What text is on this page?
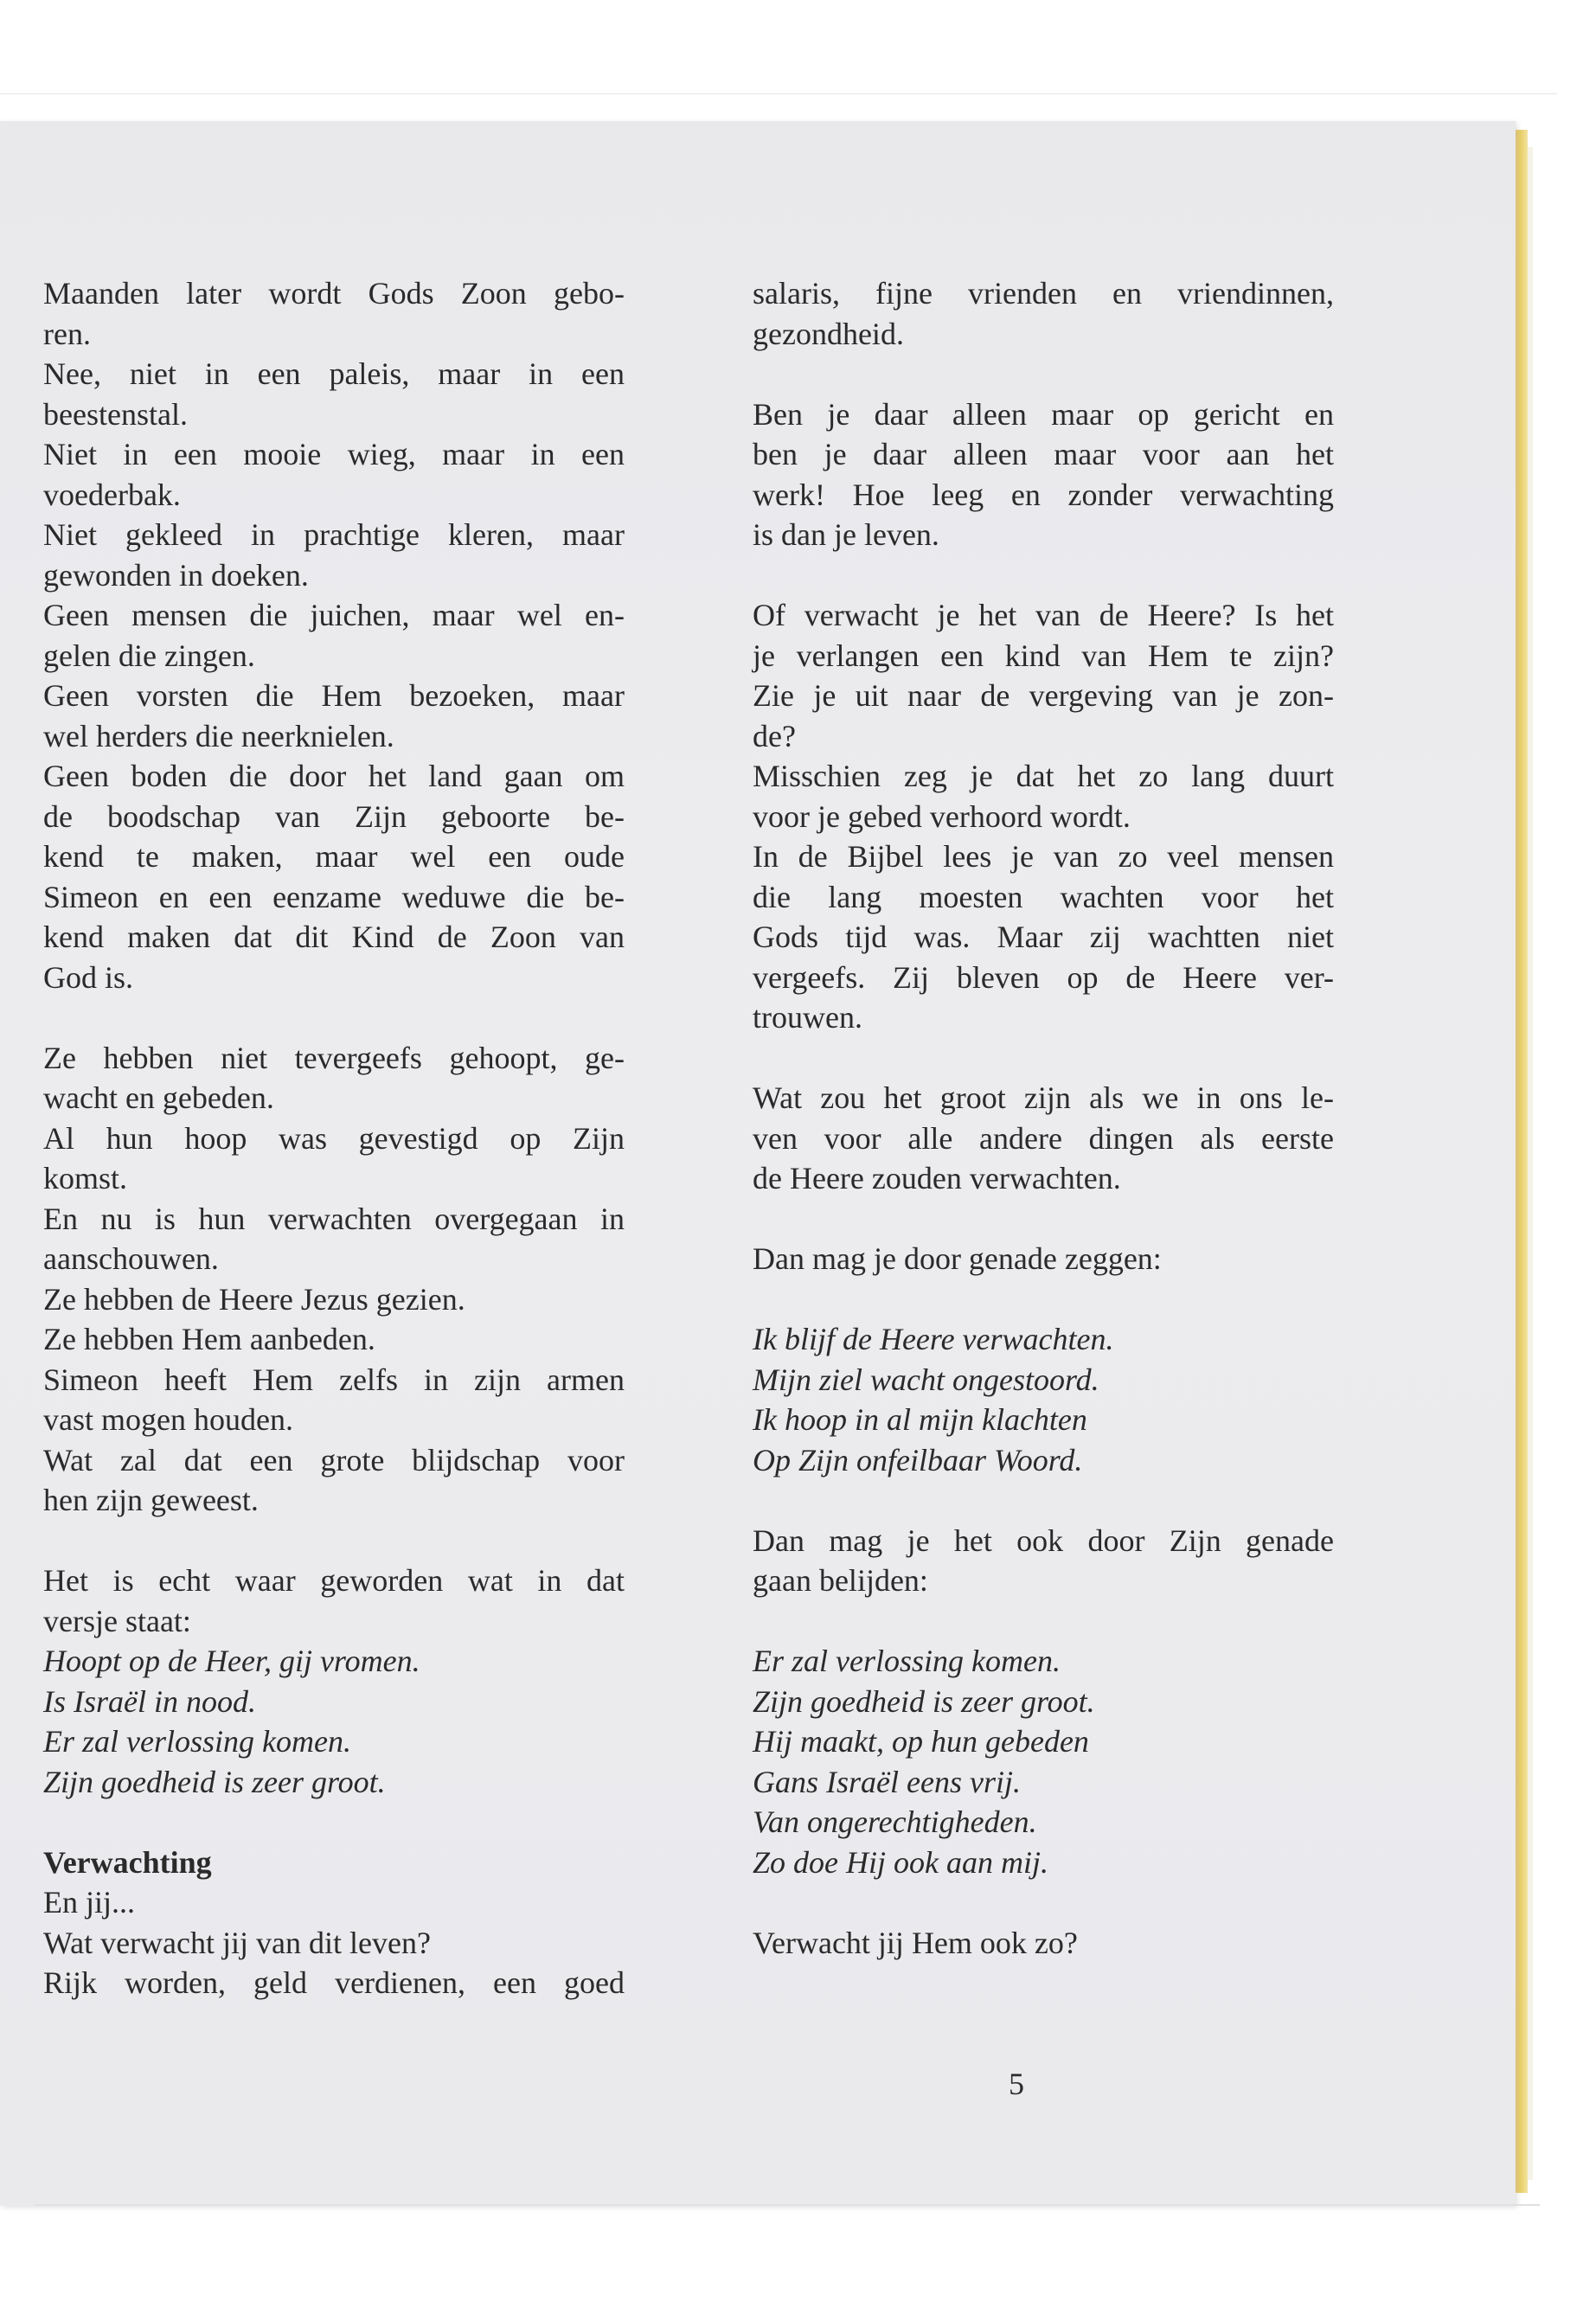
Maanden later wordt Gods Zoon gebo-
ren.
Nee, niet in een paleis, maar in een
beestenstal.
Niet in een mooie wieg, maar in een
voederbak.
Niet gekleed in prachtige kleren, maar
gewonden in doeken.
Geen mensen die juichen, maar wel en-
gelen die zingen.
Geen vorsten die Hem bezoeken, maar
wel herders die neerknielen.
Geen boden die door het land gaan om
de boodschap van Zijn geboorte be-
kend te maken, maar wel een oude
Simeon en een eenzame weduwe die be-
kend maken dat dit Kind de Zoon van
God is.
Ze hebben niet tevergeefs gehoopt, ge-
wacht en gebeden.
Al hun hoop was gevestigd op Zijn
komst.
En nu is hun verwachten overgegaan in
aanschouwen.
Ze hebben de Heere Jezus gezien.
Ze hebben Hem aanbeden.
Simeon heeft Hem zelfs in zijn armen
vast mogen houden.
Wat zal dat een grote blijdschap voor
hen zijn geweest.
Het is echt waar geworden wat in dat
versje staat:
Hoopt op de Heer, gij vromen.
Is Israël in nood.
Er zal verlossing komen.
Zijn goedheid is zeer groot.
Verwachting
En jij...
Wat verwacht jij van dit leven?
Rijk worden, geld verdienen, een goed
salaris, fijne vrienden en vriendinnen,
gezondheid.
Ben je daar alleen maar op gericht en
ben je daar alleen maar voor aan het
werk! Hoe leeg en zonder verwachting
is dan je leven.
Of verwacht je het van de Heere? Is het
je verlangen een kind van Hem te zijn?
Zie je uit naar de vergeving van je zon-
de?
Misschien zeg je dat het zo lang duurt
voor je gebed verhoord wordt.
In de Bijbel lees je van zo veel mensen
die lang moesten wachten voor het
Gods tijd was. Maar zij wachtten niet
vergeefs. Zij bleven op de Heere ver-
trouwen.
Wat zou het groot zijn als we in ons le-
ven voor alle andere dingen als eerste
de Heere zouden verwachten.
Dan mag je door genade zeggen:
Ik blijf de Heere verwachten.
Mijn ziel wacht ongestoord.
Ik hoop in al mijn klachten
Op Zijn onfeilbaar Woord.
Dan mag je het ook door Zijn genade
gaan belijden:
Er zal verlossing komen.
Zijn goedheid is zeer groot.
Hij maakt, op hun gebeden
Gans Israël eens vrij.
Van ongerechtigheden.
Zo doe Hij ook aan mij.
Verwacht jij Hem ook zo?
5
